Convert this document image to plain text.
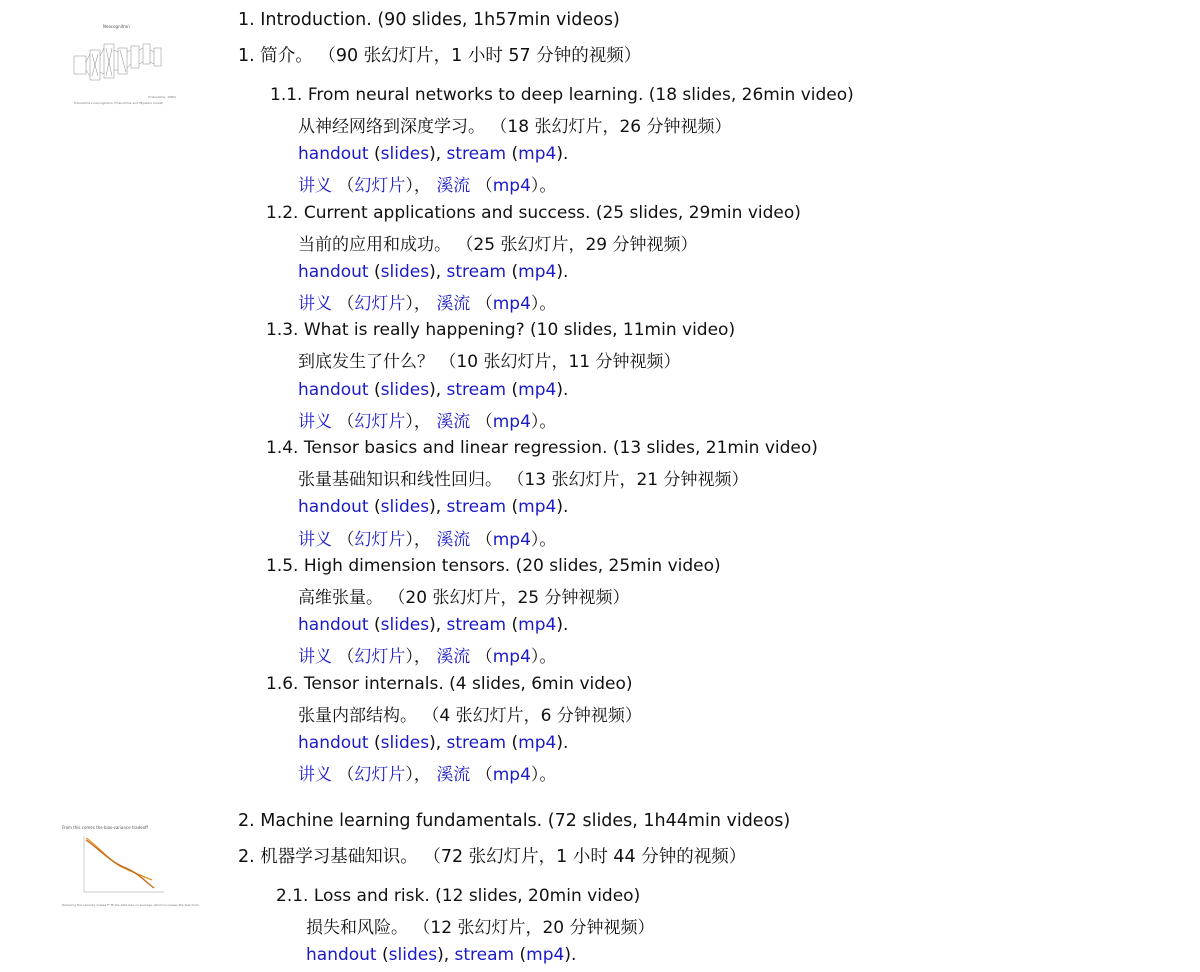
Neocognitron
Fukushima's neocognitron (Fukushima and Miyake's model)
(Fukushima, 1982)
1. Introduction. (90 slides, 1h57min videos)
1. 简介。 （90 张幻灯片，1 小时 57 分钟的视频）
1.1. From neural networks to deep learning. (18 slides, 26min video)
从神经网络到深度学习。 （18 张幻灯片，26 分钟视频）
handout (slides), stream (mp4).
讲义 （幻灯片）， 溪流 （mp4）。
1.2. Current applications and success. (25 slides, 29min video)
当前的应用和成功。 （25 张幻灯片，29 分钟视频）
handout (slides), stream (mp4).
讲义 （幻灯片）， 溪流 （mp4）。
1.3. What is really happening? (10 slides, 11min video)
到底发生了什么？ （10 张幻灯片，11 分钟视频）
handout (slides), stream (mp4).
讲义 （幻灯片）， 溪流 （mp4）。
1.4. Tensor basics and linear regression. (13 slides, 21min video)
张量基础知识和线性回归。 （13 张幻灯片，21 分钟视频）
handout (slides), stream (mp4).
讲义 （幻灯片）， 溪流 （mp4）。
1.5. High dimension tensors. (20 slides, 25min video)
高维张量。 （20 张幻灯片，25 分钟视频）
handout (slides), stream (mp4).
讲义 （幻灯片）， 溪流 （mp4）。
1.6. Tensor internals. (4 slides, 6min video)
张量内部结构。 （4 张幻灯片，6 分钟视频）
handout (slides), stream (mp4).
讲义 （幻灯片）， 溪流 （mp4）。
From this comes the bias-variance tradeoff
Reducing the capacity makes f* fit the data less on average, which increases the bias term.
2. Machine learning fundamentals. (72 slides, 1h44min videos)
2. 机器学习基础知识。 （72 张幻灯片，1 小时 44 分钟的视频）
2.1. Loss and risk. (12 slides, 20min video)
损失和风险。 （12 张幻灯片，20 分钟视频）
handout (slides), stream (mp4).
